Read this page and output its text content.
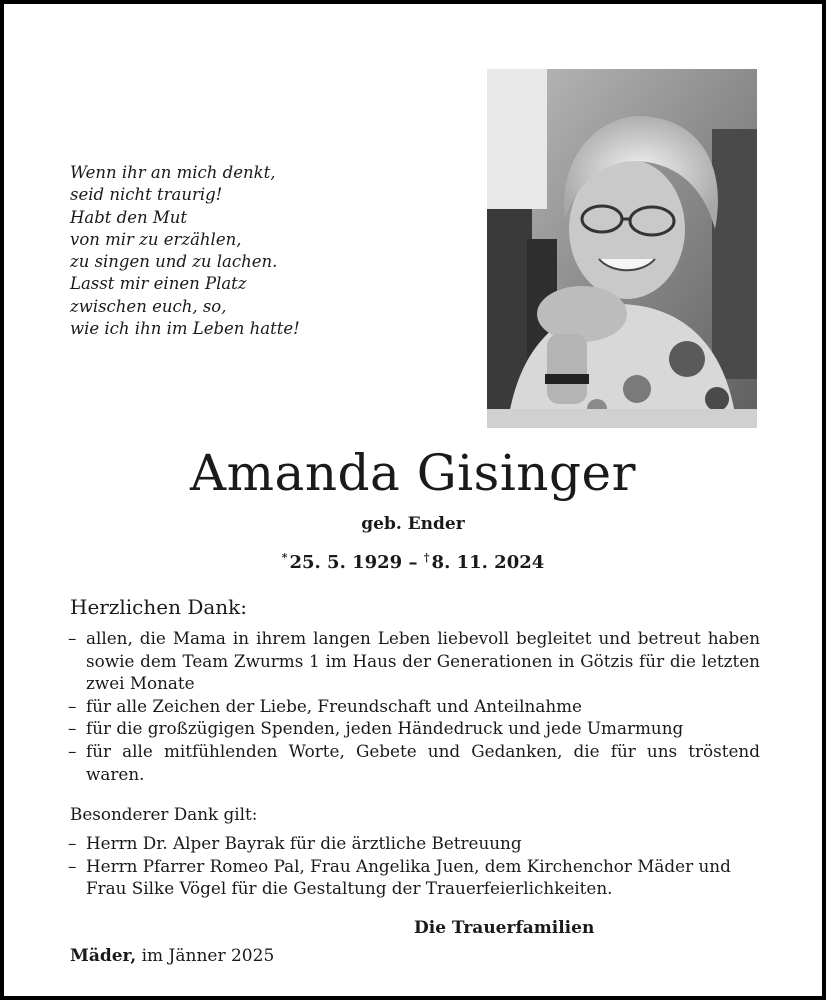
Wenn ihr an mich denkt,
seid nicht traurig!
Habt den Mut
von mir zu erzählen,
zu singen und zu lachen.
Lasst mir einen Platz
zwischen euch, so,
wie ich ihn im Leben hatte!
Amanda Gisinger
geb. Ender
* 25. 5. 1929 – † 8. 11. 2024
Herzlichen Dank:
– allen, die Mama in ihrem langen Leben liebevoll begleitet und betreut haben sowie dem Team Zwurms 1 im Haus der Generationen in Götzis für die letzten zwei Monate
– für alle Zeichen der Liebe, Freundschaft und Anteilnahme
– für die großzügigen Spenden, jeden Händedruck und jede Umarmung
– für alle mitfühlenden Worte, Gebete und Gedanken, die für uns tröstend waren.
Besonderer Dank gilt:
– Herrn Dr. Alper Bayrak für die ärztliche Betreuung
– Herrn Pfarrer Romeo Pal, Frau Angelika Juen, dem Kirchenchor Mäder und Frau Silke Vögel für die Gestaltung der Trauerfeierlichkeiten.
Die Trauerfamilien
Mäder, im Jänner 2025
